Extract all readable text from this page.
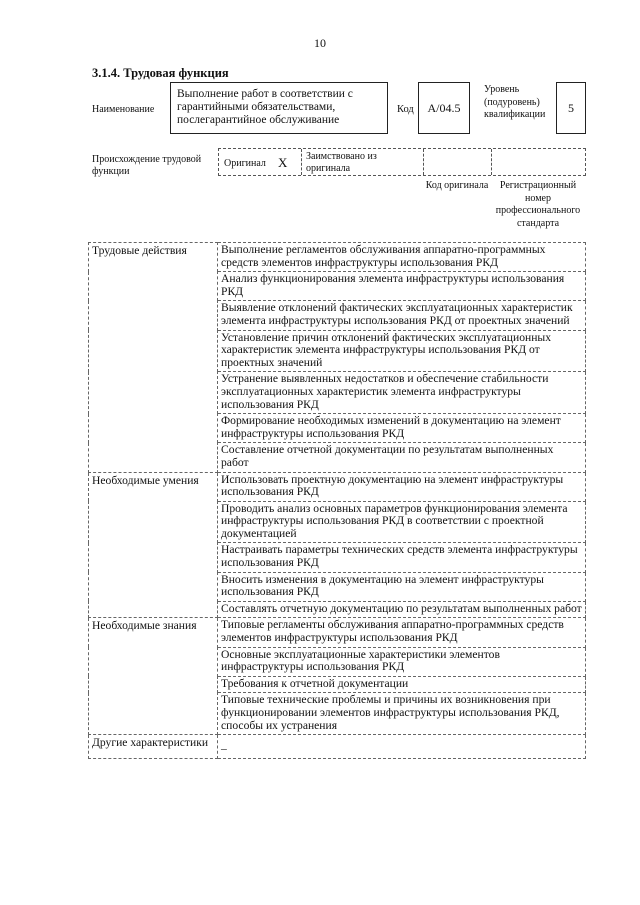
10
3.1.4. Трудовая функция
Наименование
Выполнение работ в соответствии с гарантийными обязательствами, послегарантийное обслуживание
Код	A/04.5
Уровень (подуровень) квалификации	5
Происхождение трудовой функции
Оригинал Х Заимствовано из оригинала
Код оригинала	Регистрационный номер профессионального стандарта
Трудовые действия	Выполнение регламентов обслуживания аппаратно-программных средств элементов инфраструктуры использования РКД
	Анализ функционирования элемента инфраструктуры использования РКД
	Выявление отклонений фактических эксплуатационных характеристик элемента инфраструктуры использования РКД от проектных значений
	Установление причин отклонений фактических эксплуатационных характеристик элемента инфраструктуры использования РКД от проектных значений
	Устранение выявленных недостатков и обеспечение стабильности эксплуатационных характеристик элемента инфраструктуры использования РКД
	Формирование необходимых изменений в документацию на элемент инфраструктуры использования РКД
	Составление отчетной документации по результатам выполненных работ
Необходимые умения	Использовать проектную документацию на элемент инфраструктуры использования РКД
	Проводить анализ основных параметров функционирования элемента инфраструктуры использования РКД в соответствии с проектной документацией
	Настраивать параметры технических средств элемента инфраструктуры использования РКД
	Вносить изменения в документацию на элемент инфраструктуры использования РКД
	Составлять отчетную документацию по результатам выполненных работ
Необходимые знания	Типовые регламенты обслуживания аппаратно-программных средств элементов инфраструктуры использования РКД
	Основные эксплуатационные характеристики элементов инфраструктуры использования РКД
	Требования к отчетной документации
	Типовые технические проблемы и причины их возникновения при функционировании элементов инфраструктуры использования РКД, способы их устранения
Другие характеристики	–
